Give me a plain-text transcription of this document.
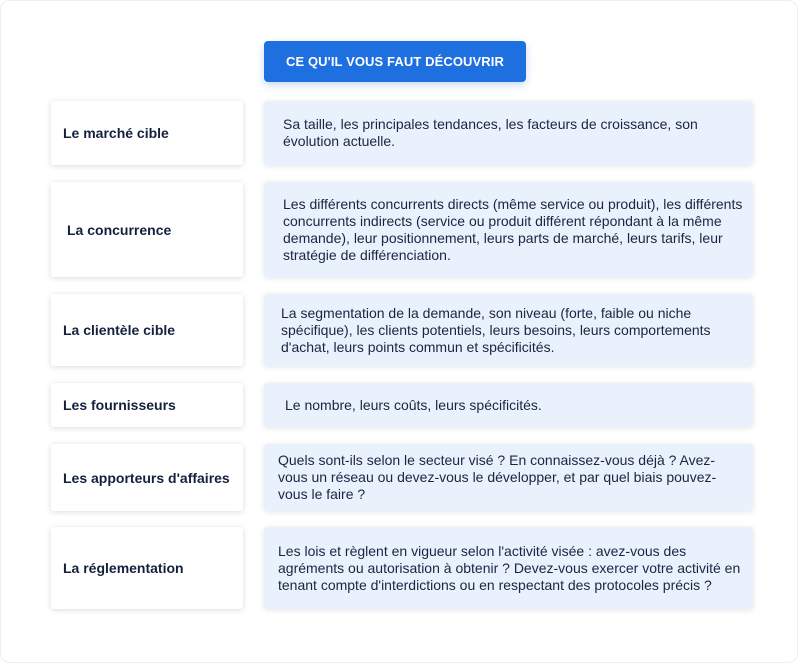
CE QU'IL VOUS FAUT DÉCOUVRIR
Le marché cible
Sa taille, les principales tendances, les facteurs de croissance, son évolution actuelle.
La concurrence
Les différents concurrents directs (même service ou produit), les différents concurrents indirects (service ou produit différent répondant à la même demande), leur positionnement, leurs parts de marché, leurs tarifs, leur stratégie de différenciation.
La clientèle cible
La segmentation de la demande, son niveau (forte, faible ou niche spécifique), les clients potentiels, leurs besoins, leurs comportements d'achat, leurs points commun et spécificités.
Les fournisseurs	Le nombre, leurs coûts, leurs spécificités.
Les apporteurs d'affaires
Quels sont-ils selon le secteur visé ? En connaissez-vous déjà ? Avez-vous un réseau ou devez-vous le développer, et par quel biais pouvez-vous le faire ?
La réglementation
Les lois et règlent en vigueur selon l'activité visée : avez-vous des agréments ou autorisation à obtenir ? Devez-vous exercer votre activité en tenant compte d'interdictions ou en respectant des protocoles précis ?
